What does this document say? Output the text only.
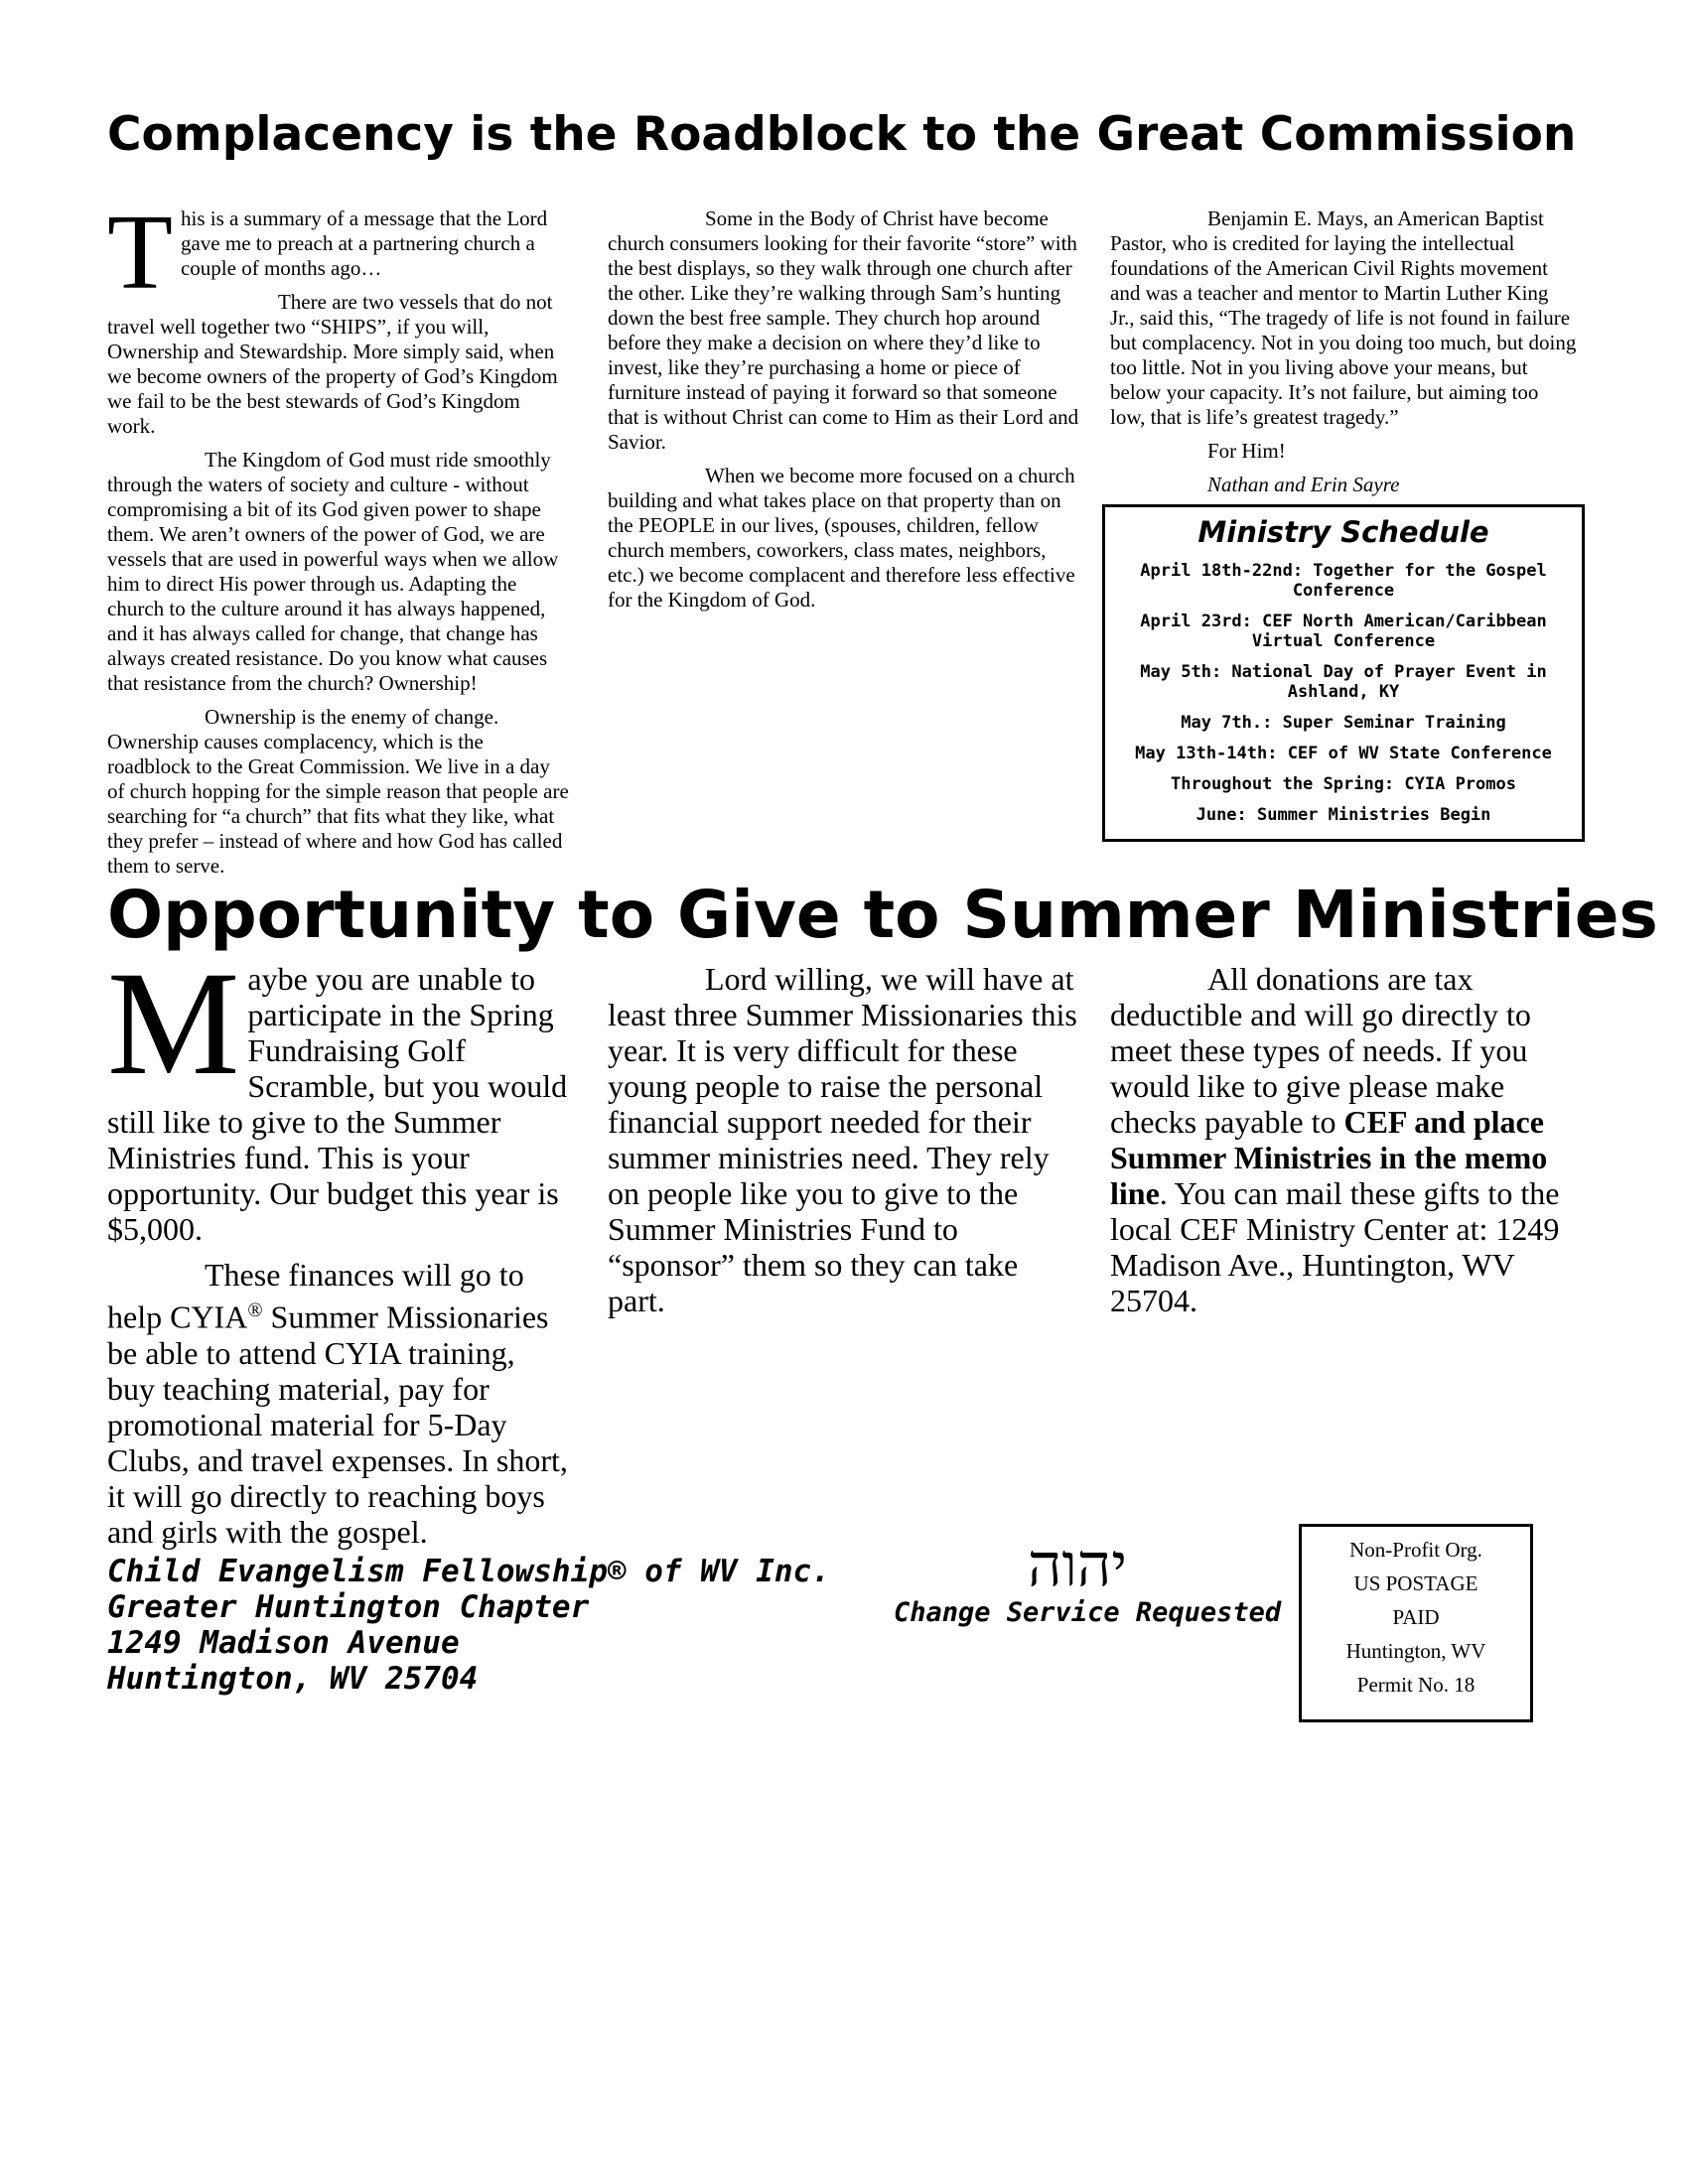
Complacency is the Roadblock to the Great Commission

T his is a summary of a message that the Lord gave me to preach at a partnering church a couple of months ago…

There are two vessels that do not travel well together two “SHIPS”, if you will, Ownership and Stewardship. More simply said, when we become owners of the property of God’s Kingdom we fail to be the best stewards of God’s Kingdom work.

The Kingdom of God must ride smoothly through the waters of society and culture - without compromising a bit of its God given power to shape them. We aren’t owners of the power of God, we are vessels that are used in powerful ways when we allow him to direct His power through us. Adapting the church to the culture around it has always happened, and it has always called for change, that change has always created resistance. Do you know what causes that resistance from the church? Ownership!

Ownership is the enemy of change. Ownership causes complacency, which is the roadblock to the Great Commission. We live in a day of church hopping for the simple reason that people are searching for “a church” that fits what they like, what they prefer – instead of where and how God has called them to serve.

Some in the Body of Christ have become church consumers looking for their favorite “store” with the best displays, so they walk through one church after the other. Like they’re walking through Sam’s hunting down the best free sample. They church hop around before they make a decision on where they’d like to invest, like they’re purchasing a home or piece of furniture instead of paying it forward so that someone that is without Christ can come to Him as their Lord and Savior.

When we become more focused on a church building and what takes place on that property than on the PEOPLE in our lives, (spouses, children, fellow church members, coworkers, class mates, neighbors, etc.) we become complacent and therefore less effective for the Kingdom of God.

Benjamin E. Mays, an American Baptist Pastor, who is credited for laying the intellectual foundations of the American Civil Rights movement and was a teacher and mentor to Martin Luther King Jr., said this, “The tragedy of life is not found in failure but complacency. Not in you doing too much, but doing too little. Not in you living above your means, but below your capacity. It’s not failure, but aiming too low, that is life’s greatest tragedy.”

For Him!

Nathan and Erin Sayre

Ministry Schedule
April 18th-22nd: Together for the Gospel Conference
April 23rd: CEF North American/Caribbean Virtual Conference
May 5th: National Day of Prayer Event in Ashland, KY
May 7th.: Super Seminar Training
May 13th-14th: CEF of WV State Conference
Throughout the Spring: CYIA Promos
June: Summer Ministries Begin
Opportunity to Give to Summer Ministries

M aybe you are unable to participate in the Spring Fundraising Golf Scramble, but you would still like to give to the Summer Ministries fund. This is your opportunity. Our budget this year is $5,000.

These finances will go to help CYIA® Summer Missionaries be able to attend CYIA training, buy teaching material, pay for promotional material for 5-Day Clubs, and travel expenses. In short, it will go directly to reaching boys and girls with the gospel.

Lord willing, we will have at least three Summer Missionaries this year. It is very difficult for these young people to raise the personal financial support needed for their summer ministries need. They rely on people like you to give to the Summer Ministries Fund to “sponsor” them so they can take part.

All donations are tax deductible and will go directly to meet these types of needs. If you would like to give please make checks payable to CEF and place Summer Ministries in the memo line. You can mail these gifts to the local CEF Ministry Center at: 1249 Madison Ave., Huntington, WV 25704.

Child Evangelism Fellowship® of WV Inc.
Greater Huntington Chapter
1249 Madison Avenue
Huntington, WV 25704
יהוה
Change Service Requested
Non-Profit Org.
US POSTAGE
PAID
Huntington, WV
Permit No. 18
